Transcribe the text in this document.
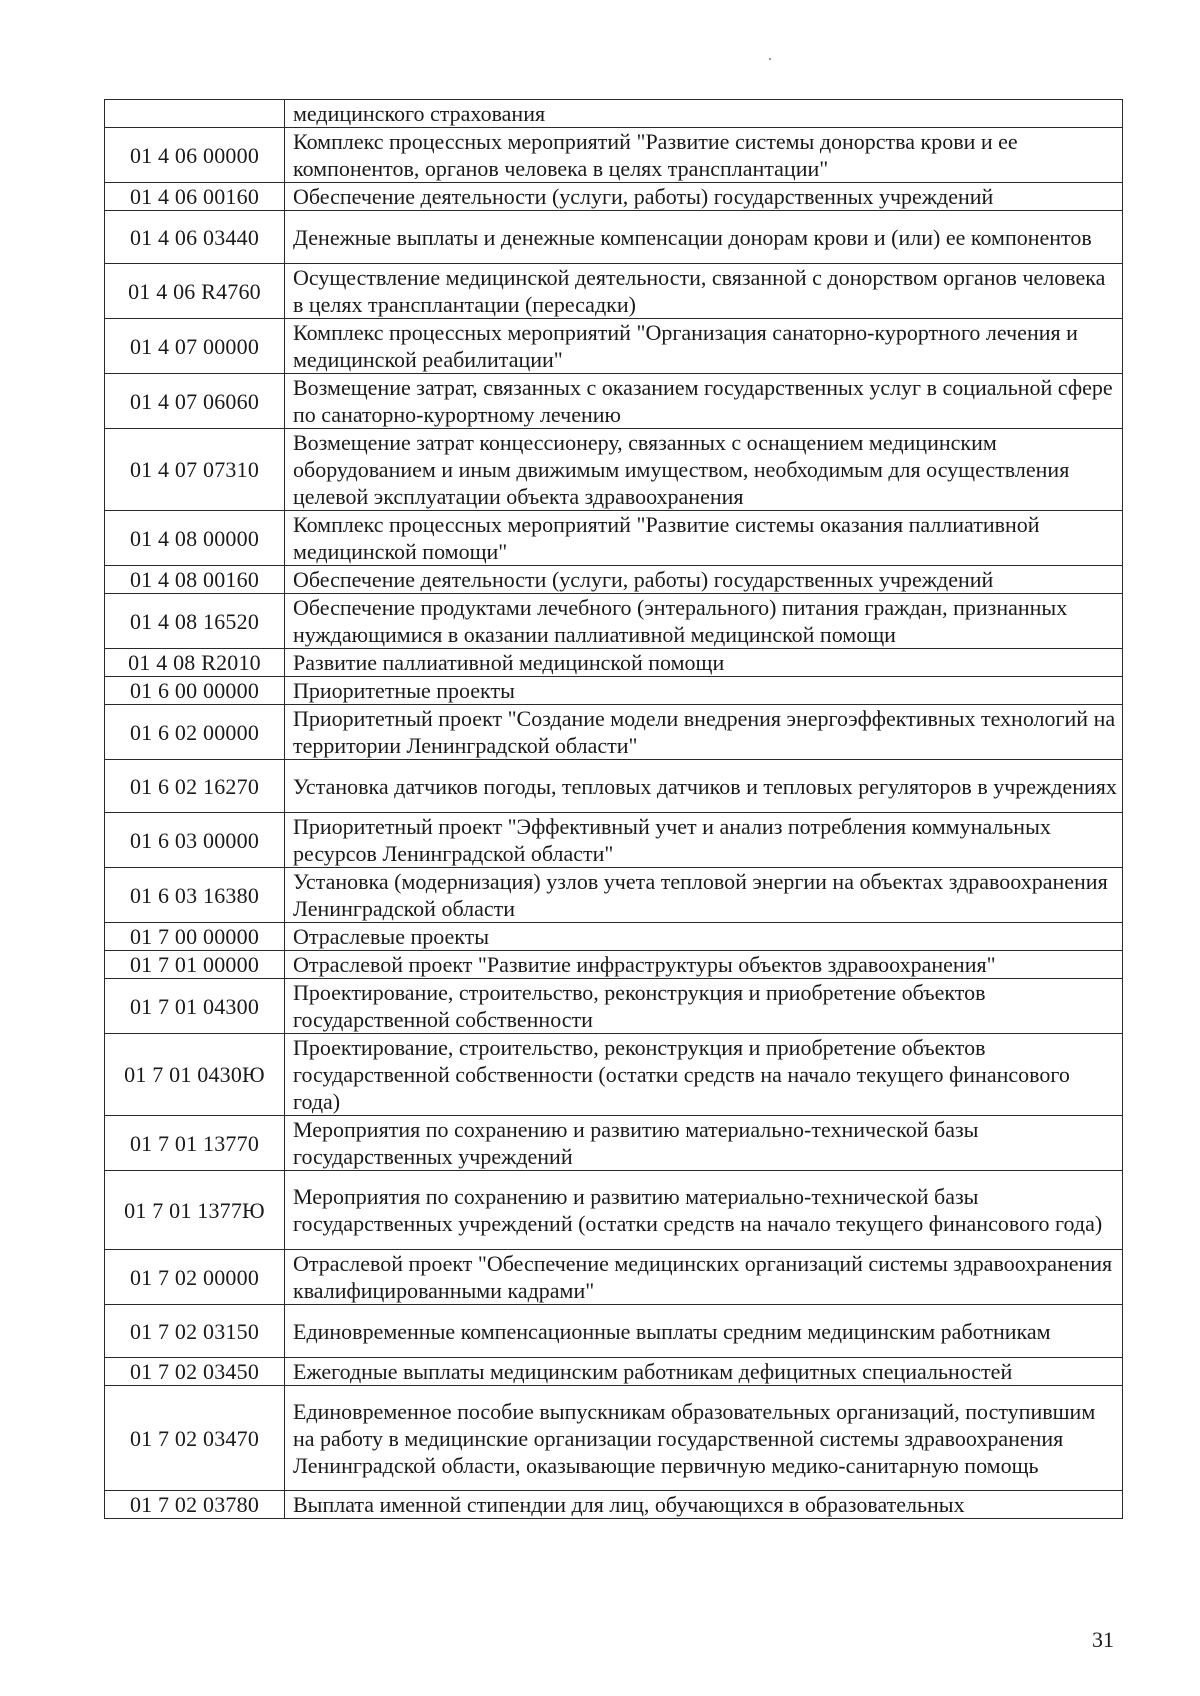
	медицинского страхования
01 4 06 00000	Комплекс процессных мероприятий "Развитие системы донорства крови и ее компонентов, органов человека в целях трансплантации"
01 4 06 00160	Обеспечение деятельности (услуги, работы) государственных учреждений
01 4 06 03440	Денежные выплаты и денежные компенсации донорам крови и (или) ее компонентов
01 4 06 R4760	Осуществление медицинской деятельности, связанной с донорством органов человека в целях трансплантации (пересадки)
01 4 07 00000	Комплекс процессных мероприятий "Организация санаторно-курортного лечения и медицинской реабилитации"
01 4 07 06060	Возмещение затрат, связанных с оказанием государственных услуг в социальной сфере по санаторно-курортному лечению
01 4 07 07310	Возмещение затрат концессионеру, связанных с оснащением медицинским оборудованием и иным движимым имуществом, необходимым для осуществления целевой эксплуатации объекта здравоохранения
01 4 08 00000	Комплекс процессных мероприятий "Развитие системы оказания паллиативной медицинской помощи"
01 4 08 00160	Обеспечение деятельности (услуги, работы) государственных учреждений
01 4 08 16520	Обеспечение продуктами лечебного (энтерального) питания граждан, признанных нуждающимися в оказании паллиативной медицинской помощи
01 4 08 R2010	Развитие паллиативной медицинской помощи
01 6 00 00000	Приоритетные проекты
01 6 02 00000	Приоритетный проект "Создание модели внедрения энергоэффективных технологий на территории Ленинградской области"
01 6 02 16270	Установка датчиков погоды, тепловых датчиков и тепловых регуляторов в учреждениях
01 6 03 00000	Приоритетный проект "Эффективный учет и анализ потребления коммунальных ресурсов Ленинградской области"
01 6 03 16380	Установка (модернизация) узлов учета тепловой энергии на объектах здравоохранения Ленинградской области
01 7 00 00000	Отраслевые проекты
01 7 01 00000	Отраслевой проект "Развитие инфраструктуры объектов здравоохранения"
01 7 01 04300	Проектирование, строительство, реконструкция и приобретение объектов государственной собственности
01 7 01 0430Ю	Проектирование, строительство, реконструкция и приобретение объектов государственной собственности (остатки средств на начало текущего финансового года)
01 7 01 13770	Мероприятия по сохранению и развитию материально-технической базы государственных учреждений
01 7 01 1377Ю	Мероприятия по сохранению и развитию материально-технической базы государственных учреждений (остатки средств на начало текущего финансового года)
01 7 02 00000	Отраслевой проект "Обеспечение медицинских организаций системы здравоохранения квалифицированными кадрами"
01 7 02 03150	Единовременные компенсационные выплаты средним медицинским работникам
01 7 02 03450	Ежегодные выплаты медицинским работникам дефицитных специальностей
01 7 02 03470	Единовременное пособие выпускникам образовательных организаций, поступившим на работу в медицинские организации государственной системы здравоохранения Ленинградской области, оказывающие первичную медико-санитарную помощь
01 7 02 03780	Выплата именной стипендии для лиц, обучающихся в образовательных
31
